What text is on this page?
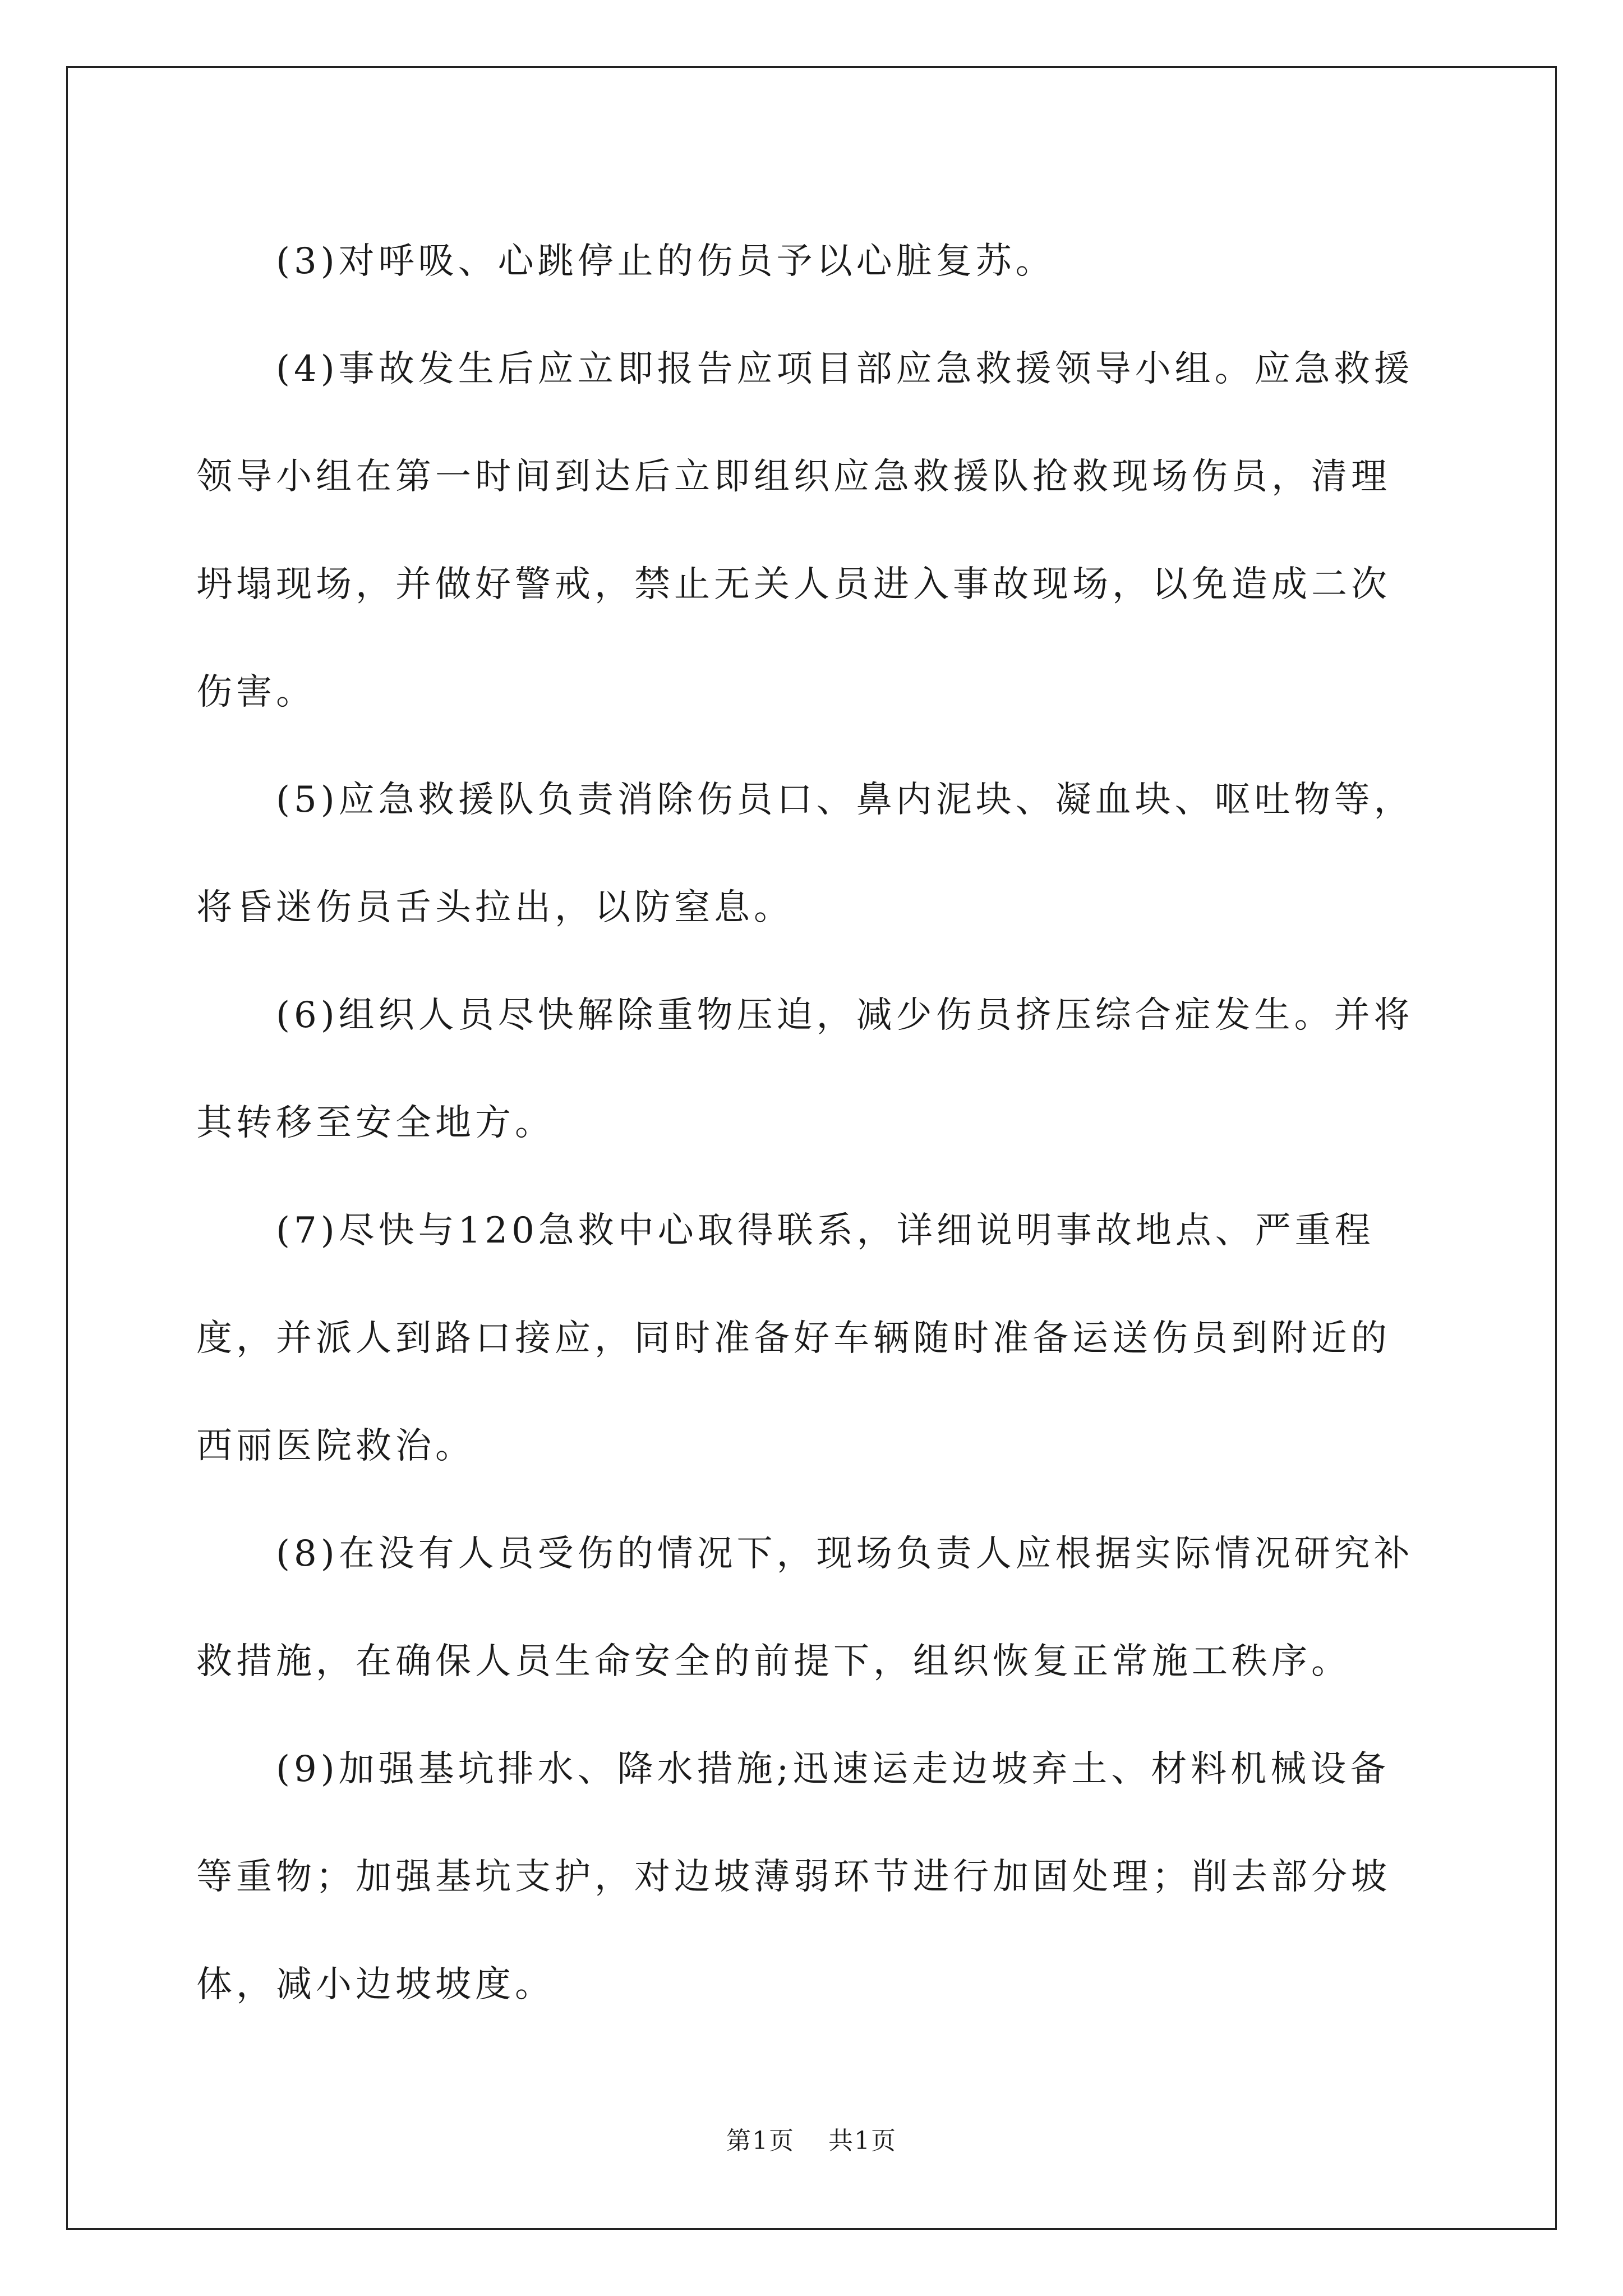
(3)对呼吸、心跳停止的伤员予以心脏复苏。

(4)事故发生后应立即报告应项目部应急救援领导小组。应急救援领导小组在第一时间到达后立即组织应急救援队抢救现场伤员，清理坍塌现场，并做好警戒，禁止无关人员进入事故现场，以免造成二次伤害。

(5)应急救援队负责消除伤员口、鼻内泥块、凝血块、呕吐物等，将昏迷伤员舌头拉出，以防窒息。

(6)组织人员尽快解除重物压迫，减少伤员挤压综合症发生。并将其转移至安全地方。

(7)尽快与120急救中心取得联系，详细说明事故地点、严重程度，并派人到路口接应，同时准备好车辆随时准备运送伤员到附近的西丽医院救治。

(8)在没有人员受伤的情况下，现场负责人应根据实际情况研究补救措施，在确保人员生命安全的前提下，组织恢复正常施工秩序。

(9)加强基坑排水、降水措施;迅速运走边坡弃土、材料机械设备等重物；加强基坑支护，对边坡薄弱环节进行加固处理；削去部分坡体，减小边坡坡度。

第1页 共1页
